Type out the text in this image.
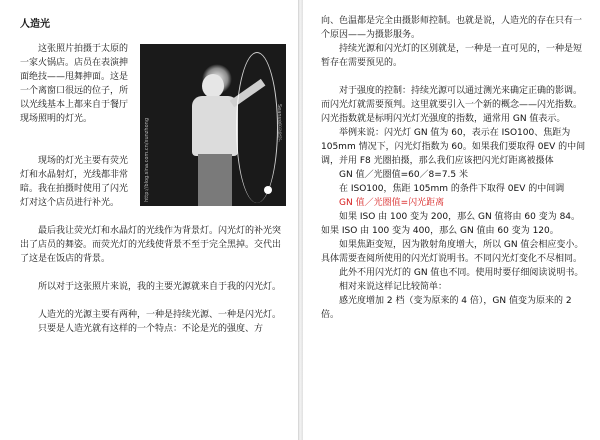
人造光

http://blog.sina.com.cn/xunzhong	Seanss摄影教学

这张照片拍摄于太原的一家火锅店。店员在表演抻面绝技——甩舞抻面。这是一个离窗口很远的位子，所以光线基本上都来自于餐厅现场照明的灯光。

现场的灯光主要有荧光灯和水晶射灯，光线都非常暗。我在拍摄时使用了闪光灯对这个店员进行补光。

最后我让荧光灯和水晶灯的光线作为背景灯。闪光灯的补光突出了店员的舞姿。而荧光灯的光线使背景不至于完全黑掉。交代出了这是在饭店的背景。

所以对于这张照片来说，我的主要光源就来自于我的闪光灯。

人造光的光源主要有两种，一种是持续光源、一种是闪光灯。

只要是人造光就有这样的一个特点：不论是光的强度、方

向、色温都是完全由摄影师控制。也就是说，人造光的存在只有一个原因——为摄影服务。

持续光源和闪光灯的区别就是，一种是一直可见的，一种是短暂存在需要预见的。

对于强度的控制：持续光源可以通过测光来确定正确的影调。而闪光灯就需要预判。这里就要引入一个新的概念——闪光指数。闪光指数就是标明闪光灯光强度的指数，通常用 GN 值表示。

举例来说：闪光灯 GN 值为 60，表示在 ISO100、焦距为105mm 情况下，闪光灯指数为 60。如果我们要取得 0EV 的中间调，并用 F8 光圈拍摄，那么我们应该把闪光灯距离被摄体

GN 值／光圈值=60／8=7.5 米

在 ISO100，焦距 105mm 的条件下取得 0EV 的中间调

GN 值／光圈值=闪光距离

如果 ISO 由 100 变为 200，那么 GN 值将由 60 变为 84。如果 ISO 由 100 变为 400，那么 GN 值由 60 变为 120。

如果焦距变短，因为散射角度增大，所以 GN 值会相应变小。具体需要查阅所使用的闪光灯说明书。不同闪光灯变化不尽相同。

此外不用闪光灯的 GN 值也不同。使用时要仔细阅读说明书。

相对来说这样记比较简单：

感光度增加 2 档（变为原来的 4 倍），GN 值变为原来的 2 倍。
